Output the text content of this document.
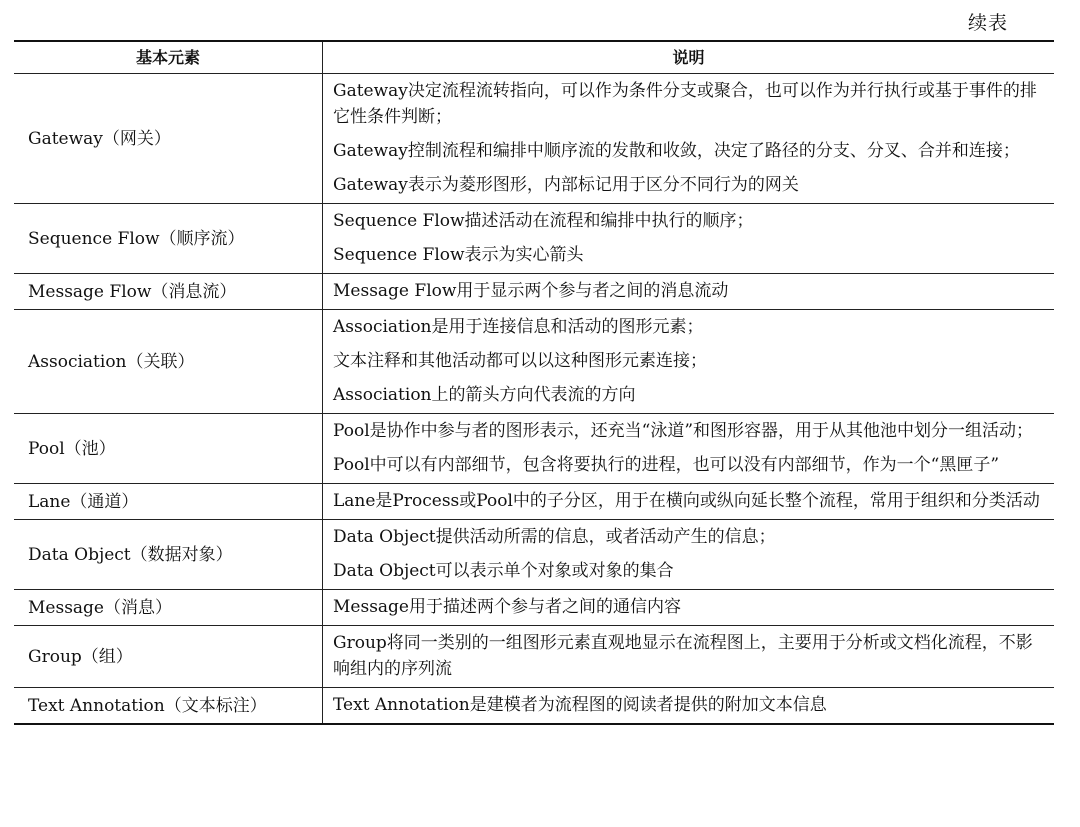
续表
基本元素	说明
Gateway（网关）	Gateway决定流程流转指向，可以作为条件分支或聚合，也可以作为并行执行或基于事件的排它性条件判断；

Gateway控制流程和编排中顺序流的发散和收敛，决定了路径的分支、分叉、合并和连接；

Gateway表示为菱形图形，内部标记用于区分不同行为的网关

Sequence Flow（顺序流）	Sequence Flow描述活动在流程和编排中执行的顺序；

Sequence Flow表示为实心箭头

Message Flow（消息流）	Message Flow用于显示两个参与者之间的消息流动

Association（关联）	Association是用于连接信息和活动的图形元素；

文本注释和其他活动都可以以这种图形元素连接；

Association上的箭头方向代表流的方向

Pool（池）	Pool是协作中参与者的图形表示，还充当“泳道”和图形容器，用于从其他池中划分一组活动；

Pool中可以有内部细节，包含将要执行的进程，也可以没有内部细节，作为一个“黑匣子”

Lane（通道）	Lane是Process或Pool中的子分区，用于在横向或纵向延长整个流程，常用于组织和分类活动

Data Object（数据对象）	Data Object提供活动所需的信息，或者活动产生的信息；

Data Object可以表示单个对象或对象的集合

Message（消息）	Message用于描述两个参与者之间的通信内容

Group（组）	Group将同一类别的一组图形元素直观地显示在流程图上，主要用于分析或文档化流程，不影响组内的序列流

Text Annotation（文本标注）	Text Annotation是建模者为流程图的阅读者提供的附加文本信息
